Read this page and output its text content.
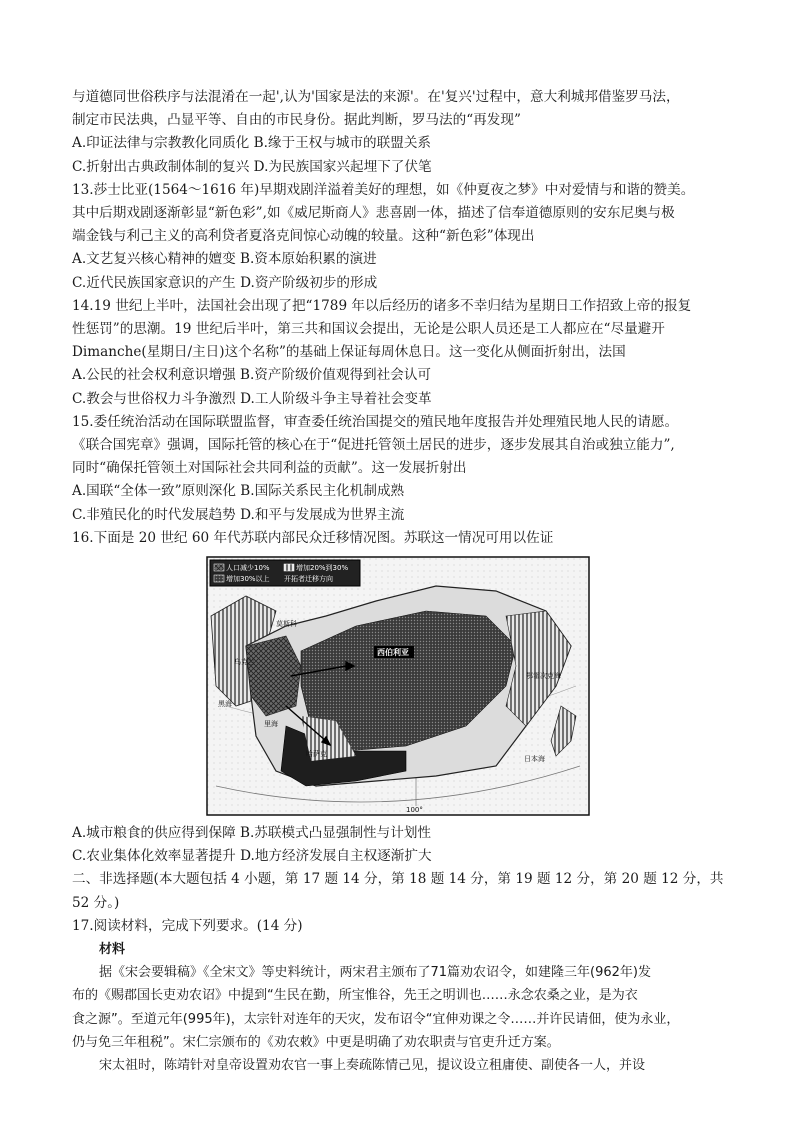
与道德同世俗秩序与法混淆在一起',认为'国家是法的来源'。在'复兴'过程中，意大利城邦借鉴罗马法，
制定市民法典，凸显平等、自由的市民身份。据此判断，罗马法的“再发现”
A.印证法律与宗教教化同质化 B.缘于王权与城市的联盟关系
C.折射出古典政制体制的复兴 D.为民族国家兴起埋下了伏笔
13.莎士比亚(1564～1616 年)早期戏剧洋溢着美好的理想，如《仲夏夜之梦》中对爱情与和谐的赞美。
其中后期戏剧逐渐彰显“新色彩”,如《威尼斯商人》悲喜剧一体，描述了信奉道德原则的安东尼奥与极
端金钱与利己主义的高利贷者夏洛克间惊心动魄的较量。这种“新色彩”体现出
A.文艺复兴核心精神的嬗变 B.资本原始积累的演进
C.近代民族国家意识的产生 D.资产阶级初步的形成
14.19 世纪上半叶，法国社会出现了把“1789 年以后经历的诸多不幸归结为星期日工作招致上帝的报复
性惩罚”的思潮。19 世纪后半叶，第三共和国议会提出，无论是公职人员还是工人都应在“尽量避开
Dimanche(星期日/主日)这个名称”的基础上保证每周休息日。这一变化从侧面折射出，法国
A.公民的社会权利意识增强 B.资产阶级价值观得到社会认可
C.教会与世俗权力斗争激烈 D.工人阶级斗争主导着社会变革
15.委任统治活动在国际联盟监督，审查委任统治国提交的殖民地年度报告并处理殖民地人民的请愿。
《联合国宪章》强调，国际托管的核心在于“促进托管领土居民的进步，逐步发展其自治或独立能力”,
同时“确保托管领土对国际社会共同利益的贡献”。这一发展折射出
A.国联“全体一致”原则深化 B.国际关系民主化机制成熟
C.非殖民化的时代发展趋势 D.和平与发展成为世界主流
16.下面是 20 世纪 60 年代苏联内部民众迁移情况图。苏联这一情况可用以佐证
人口减少10%	增加20%到30%
增加30%以上 开拓者迁移方向
西伯利亚
哈萨克
乌克兰
莫斯科
日本海
鄂霍次克海
黑海
里海
100°
A.城市粮食的供应得到保障 B.苏联模式凸显强制性与计划性
C.农业集体化效率显著提升 D.地方经济发展自主权逐渐扩大
二、非选择题(本大题包括 4 小题，第 17 题 14 分，第 18 题 14 分，第 19 题 12 分，第 20 题 12 分，共
52 分。)
17.阅读材料，完成下列要求。(14 分)
材料
据《宋会要辑稿》《全宋文》等史料统计，两宋君主颁布了71篇劝农诏令，如建隆三年(962年)发
布的《赐郡国长吏劝农诏》中提到“生民在勤，所宝惟谷，先王之明训也……永念农桑之业，是为衣
食之源”。至道元年(995年)，太宗针对连年的天灾，发布诏令“宜伸劝课之令……并许民请佃，使为永业，
仍与免三年租税”。宋仁宗颁布的《劝农敕》中更是明确了劝农职责与官吏升迁方案。
宋太祖时，陈靖针对皇帝设置劝农官一事上奏疏陈情己见，提议设立租庸使、副使各一人，并设
